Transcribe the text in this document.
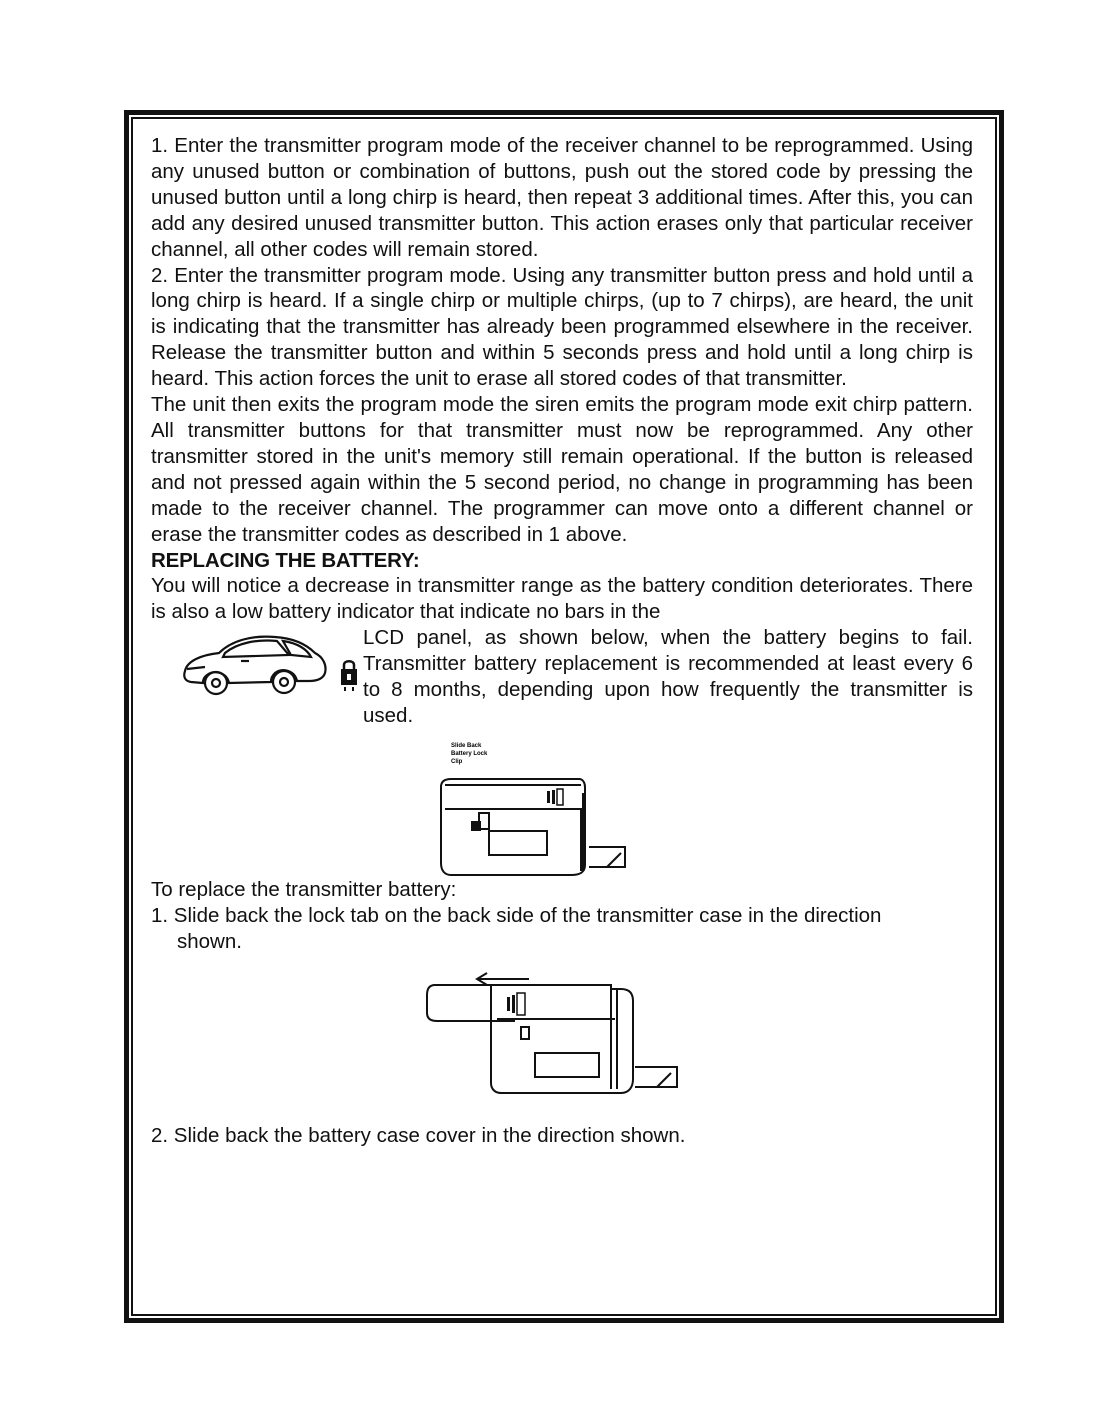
1. Enter the transmitter program mode of the receiver channel to be reprogrammed. Using any unused button or combination of buttons, push out the stored code by pressing the unused button until a long chirp is heard, then repeat 3 additional times. After this, you can add any desired unused transmitter button. This action erases only that particular receiver channel, all other codes will remain stored.

2. Enter the transmitter program mode. Using any transmitter button press and hold until a long chirp is heard. If a single chirp or multiple chirps, (up to 7 chirps), are heard, the unit is indicating that the transmitter has already been programmed elsewhere in the receiver. Release the transmitter button and within 5 seconds press and hold until a long chirp is heard. This action forces the unit to erase all stored codes of that transmitter.

The unit then exits the program mode the siren emits the program mode exit chirp pattern. All transmitter buttons for that transmitter must now be reprogrammed. Any other transmitter stored in the unit's memory still remain operational. If the button is released and not pressed again within the 5 second period, no change in programming has been made to the receiver channel. The programmer can move onto a different channel or erase the transmitter codes as described in 1 above.

REPLACING THE BATTERY:

You will notice a decrease in transmitter range as the battery condition deteriorates. There is also a low battery indicator that indicate no bars in the

LCD panel, as shown below, when the battery begins to fail. Transmitter battery replacement is recommended at least every 6 to 8 months, depending upon how frequently the transmitter is used.

Slide Back
Battery Lock
Clip

To replace the transmitter battery:

1. Slide back the lock tab on the back side of the transmitter case in the direction

shown.

2. Slide back the battery case cover in the direction shown.
